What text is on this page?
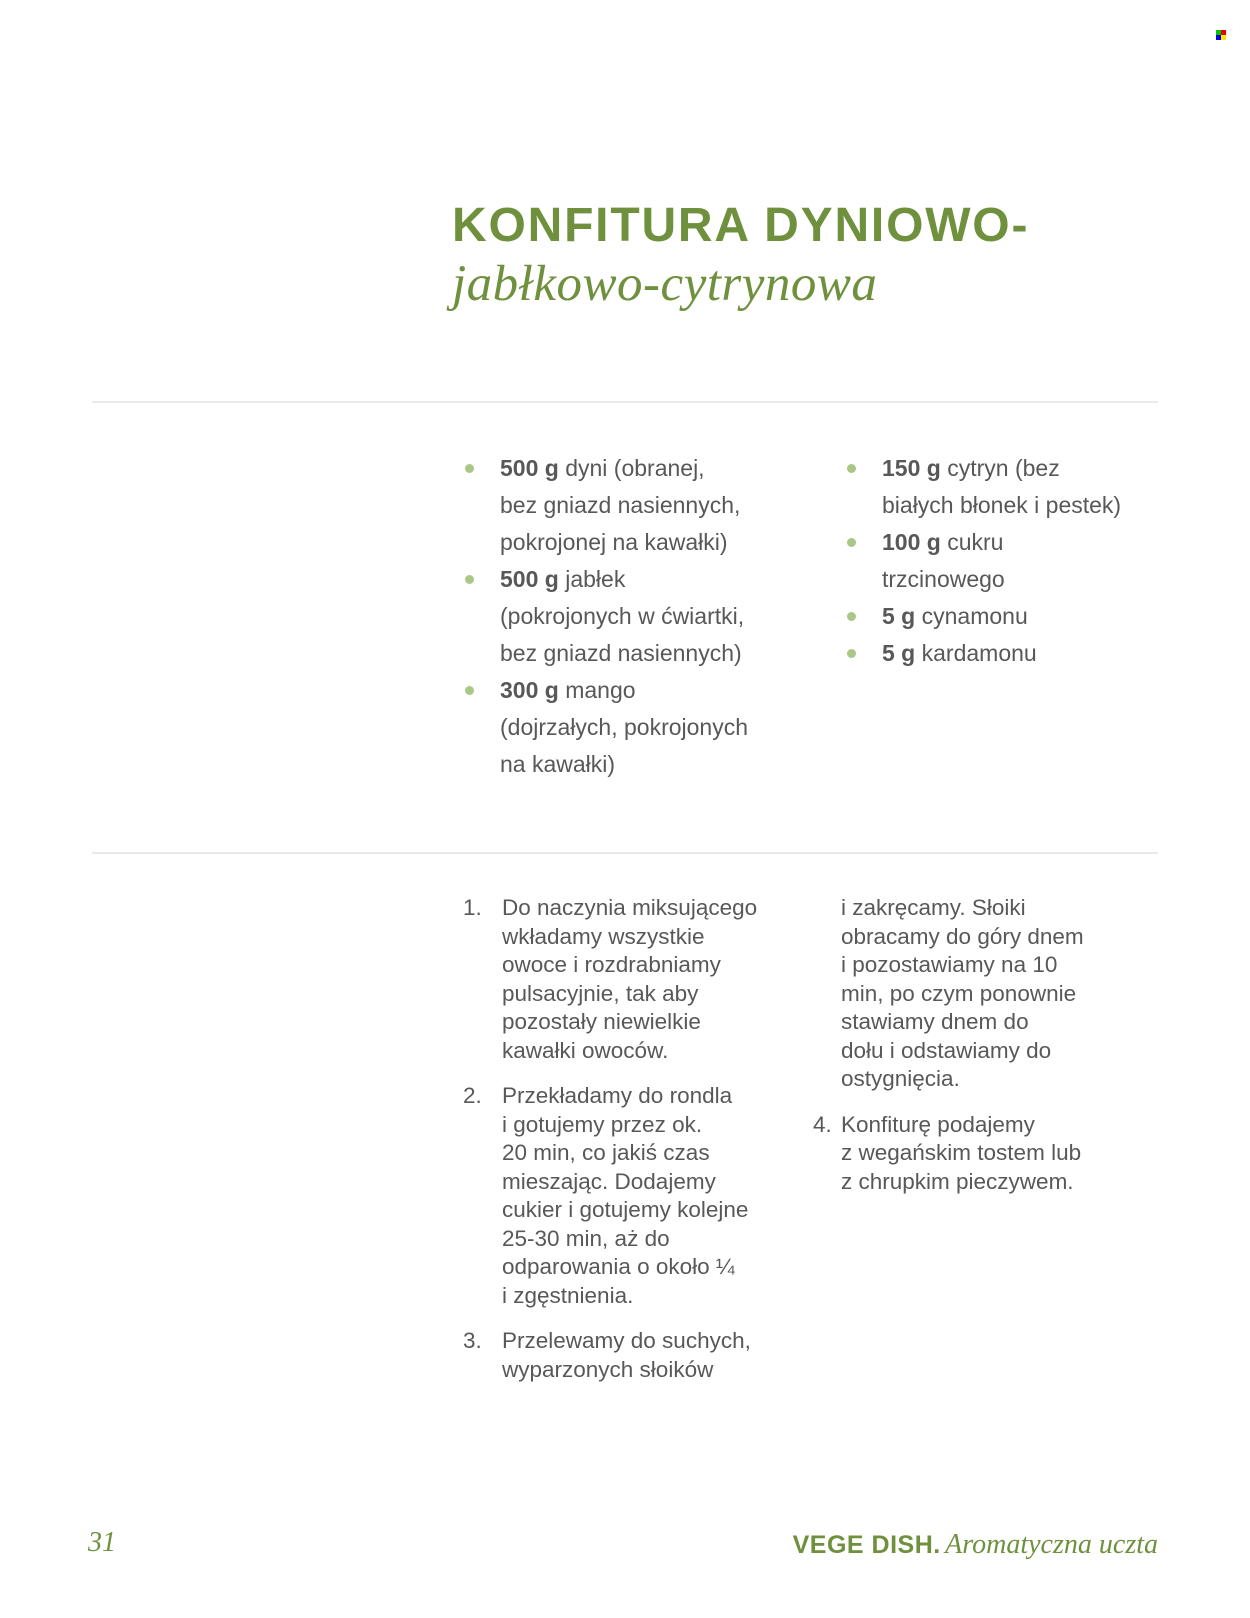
KONFITURA DYNIOWO-
jabłkowo-cytrynowa
500 g dyni (obranej,
bez gniazd nasiennych,
pokrojonej na kawałki)
500 g jabłek
(pokrojonych w ćwiartki,
bez gniazd nasiennych)
300 g mango
(dojrzałych, pokrojonych
na kawałki)
150 g cytryn (bez
białych błonek i pestek)
100 g cukru
trzcinowego
5 g cynamonu
5 g kardamonu
1. Do naczynia miksującego
wkładamy wszystkie
owoce i rozdrabniamy
pulsacyjnie, tak aby
pozostały niewielkie
kawałki owoców.
2. Przekładamy do rondla
i gotujemy przez ok.
20 min, co jakiś czas
mieszając. Dodajemy
cukier i gotujemy kolejne
25-30 min, aż do
odparowania o około ¼
i zgęstnienia.
3. Przelewamy do suchych,
wyparzonych słoików
i zakręcamy. Słoiki
obracamy do góry dnem
i pozostawiamy na 10
min, po czym ponownie
stawiamy dnem do
dołu i odstawiamy do
ostygnięcia.
4. Konfiturę podajemy
z wegańskim tostem lub
z chrupkim pieczywem.
31	VEGE DISH. Aromatyczna uczta
